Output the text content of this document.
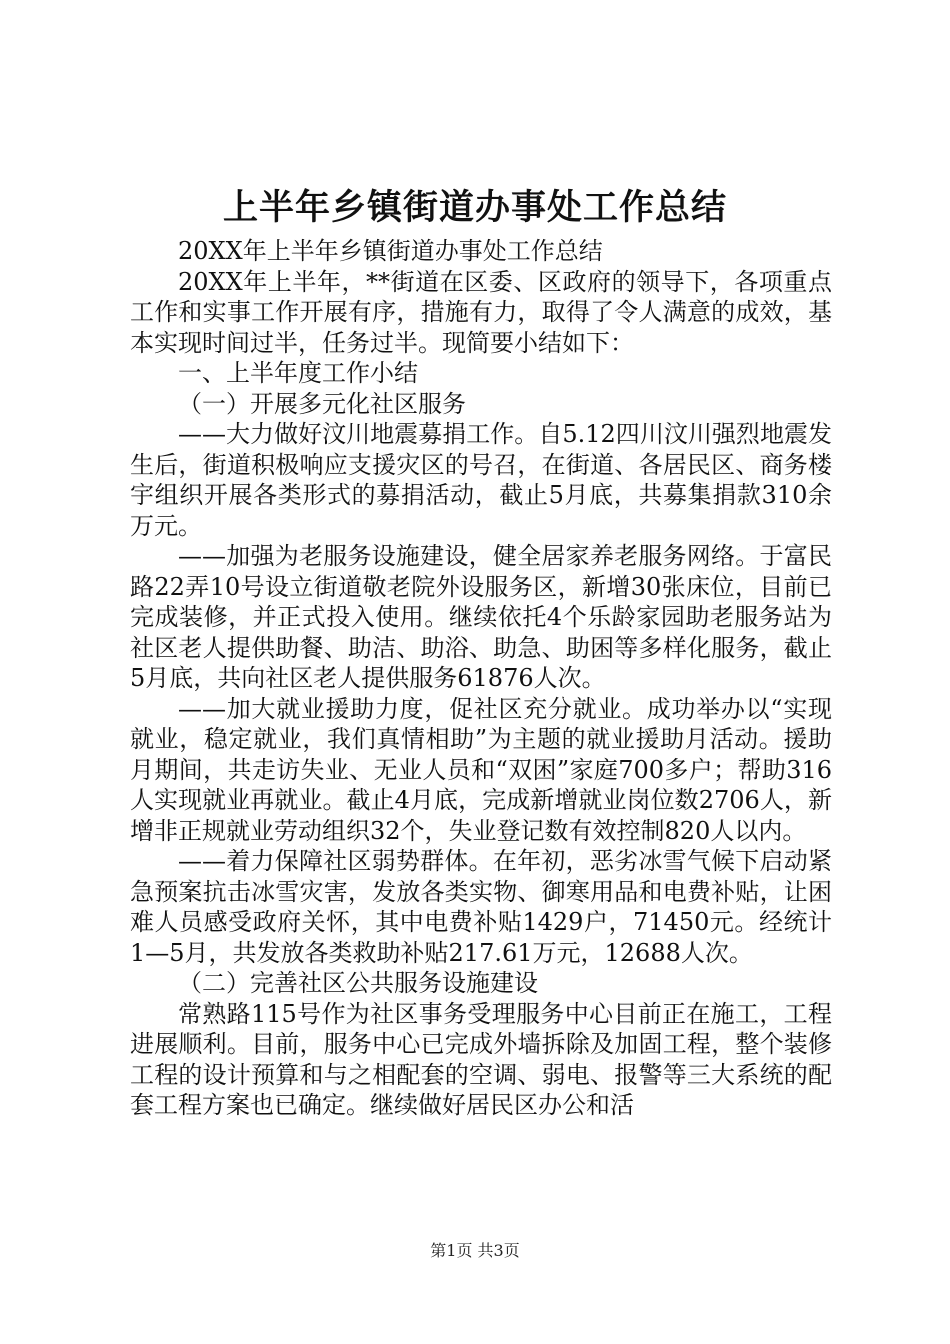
上半年乡镇街道办事处工作总结

20XX年上半年乡镇街道办事处工作总结

20XX年上半年，**街道在区委、区政府的领导下，各项重点工作和实事工作开展有序，措施有力，取得了令人满意的成效，基本实现时间过半，任务过半。现简要小结如下：

一、上半年度工作小结

（一）开展多元化社区服务

——大力做好汶川地震募捐工作。自5.12四川汶川强烈地震发生后，街道积极响应支援灾区的号召，在街道、各居民区、商务楼宇组织开展各类形式的募捐活动，截止5月底，共募集捐款310余万元。

——加强为老服务设施建设，健全居家养老服务网络。于富民路22弄10号设立街道敬老院外设服务区，新增30张床位，目前已完成装修，并正式投入使用。继续依托4个乐龄家园助老服务站为社区老人提供助餐、助洁、助浴、助急、助困等多样化服务，截止5月底，共向社区老人提供服务61876人次。

——加大就业援助力度，促社区充分就业。成功举办以“实现就业，稳定就业，我们真情相助”为主题的就业援助月活动。援助月期间，共走访失业、无业人员和“双困”家庭700多户；帮助316人实现就业再就业。截止4月底，完成新增就业岗位数2706人，新增非正规就业劳动组织32个，失业登记数有效控制820人以内。

——着力保障社区弱势群体。在年初，恶劣冰雪气候下启动紧急预案抗击冰雪灾害，发放各类实物、御寒用品和电费补贴，让困难人员感受政府关怀，其中电费补贴1429户，71450元。经统计1—5月，共发放各类救助补贴217.61万元，12688人次。

（二）完善社区公共服务设施建设

常熟路115号作为社区事务受理服务中心目前正在施工，工程进展顺利。目前，服务中心已完成外墙拆除及加固工程，整个装修工程的设计预算和与之相配套的空调、弱电、报警等三大系统的配套工程方案也已确定。继续做好居民区办公和活

第1页 共3页
